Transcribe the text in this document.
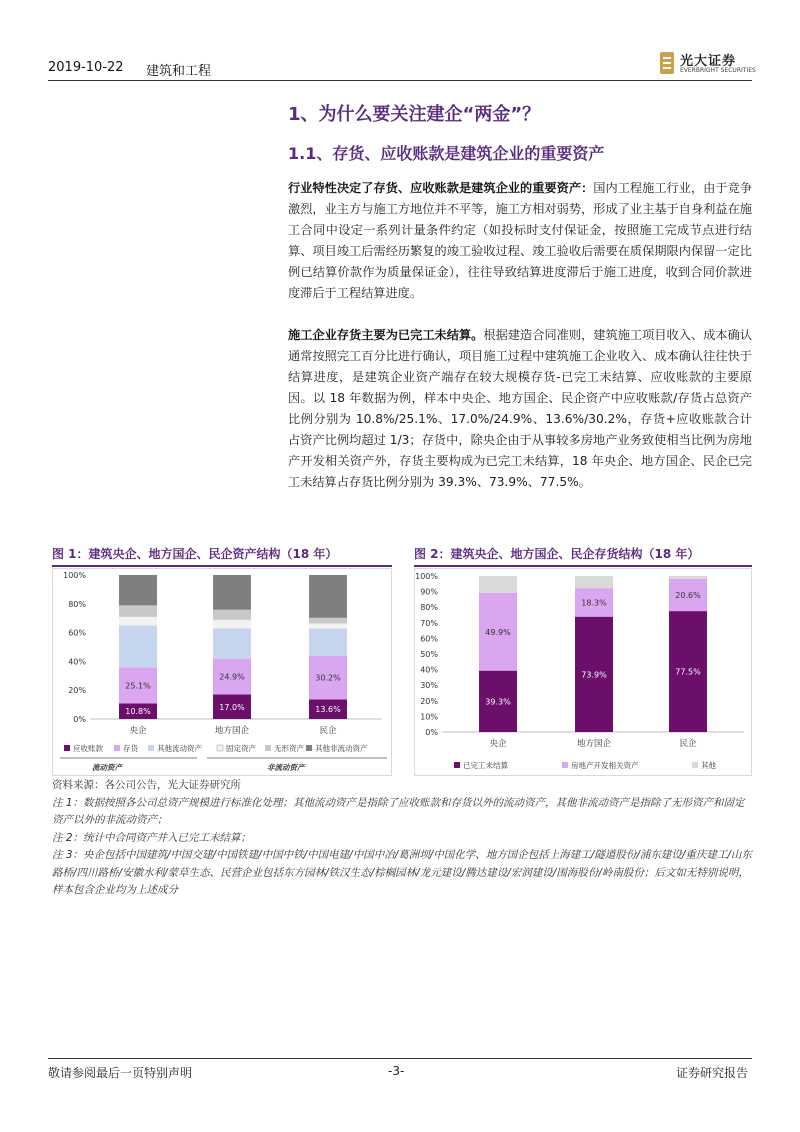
2019-10-22 建筑和工程
光大证券
EVERBRIGHT SECURITIES
1、为什么要关注建企“两金”？
1.1、存货、应收账款是建筑企业的重要资产
行业特性决定了存货、应收账款是建筑企业的重要资产：国内工程施工行业，由于竞争激烈，业主方与施工方地位并不平等，施工方相对弱势，形成了业主基于自身利益在施工合同中设定一系列计量条件约定（如投标时支付保证金，按照施工完成节点进行结算、项目竣工后需经历繁复的竣工验收过程、竣工验收后需要在质保期限内保留一定比例已结算价款作为质量保证金），往往导致结算进度滞后于施工进度，收到合同价款进度滞后于工程结算进度。
施工企业存货主要为已完工未结算。根据建造合同准则，建筑施工项目收入、成本确认通常按照完工百分比进行确认，项目施工过程中建筑施工企业收入、成本确认往往快于结算进度，是建筑企业资产端存在较大规模存货-已完工未结算、应收账款的主要原因。以 18 年数据为例，样本中央企、地方国企、民企资产中应收账款/存货占总资产比例分别为 10.8%/25.1%、17.0%/24.9%、13.6%/30.2%，存货+应收账款合计占资产比例均超过 1/3；存货中，除央企由于从事较多房地产业务致使相当比例为房地产开发相关资产外，存货主要构成为已完工未结算，18 年央企、地方国企、民企已完工未结算占存货比例分别为 39.3%、73.9%、77.5%。
图 1：建筑央企、地方国企、民企资产结构（18 年）	图 2：建筑央企、地方国企、民企存货结构（18 年）
0%
20%
40%
60%
80%
100%
10.8%
25.1%
央企
17.0%
24.9%
地方国企
13.6%
30.2%
民企
应收账款	存货	其他流动资产	固定资产 无形资产 其他非流动资产
流动资产	非流动资产
0%
10%
20%
30%
40%
50%
60%
70%
80%
90%
100%
39.3%
49.9%
央企
73.9%
18.3%
地方国企
77.5%
20.6%
民企
已完工未结算	房地产开发相关资产	其他
资料来源：各公司公告，光大证券研究所
注 1：数据按照各公司总资产规模进行标准化处理；其他流动资产是指除了应收账款和存货以外的流动资产，其他非流动资产是指除了无形资产和固定资产以外的非流动资产；
注 2：统计中合同资产并入已完工未结算；
注 3：央企包括中国建筑/中国交建/中国铁建/中国中铁/中国电建/中国中冶/葛洲坝/中国化学、地方国企包括上海建工/隧道股份/浦东建设/重庆建工/山东路桥/四川路桥/安徽水利/蒙草生态、民营企业包括东方园林/铁汉生态/棕榈园林/龙元建设/腾达建设/宏润建设/围海股份/岭南股份；后文如无特别说明，样本包含企业均为上述成分
敬请参阅最后一页特别声明	-3-	证券研究报告
